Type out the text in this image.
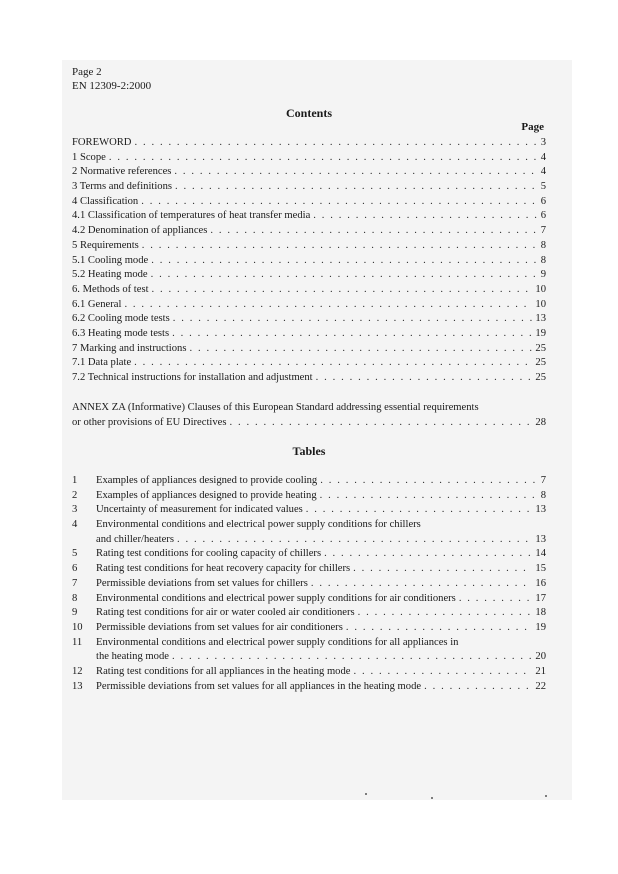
Page 2
EN 12309-2:2000
Contents
Page
FOREWORD . . .	3
1 Scope . . .	4
2 Normative references . . .	4
3 Terms and definitions . . .	5
4 Classification . . .	6
4.1 Classification of temperatures of heat transfer media . . .	6
4.2 Denomination of appliances . . .	7
5 Requirements . . .	8
5.1 Cooling mode . . .	8
5.2 Heating mode . . .	9
6. Methods of test . . .	10
6.1 General . . .	10
6.2 Cooling mode tests . . .	13
6.3 Heating mode tests . . .	19
7 Marking and instructions . . .	25
7.1 Data plate . . .	25
7.2 Technical instructions for installation and adjustment . . .	25
ANNEX ZA (Informative) Clauses of this European Standard addressing essential requirements
or other provisions of EU Directives . . .	28
Tables
1	Examples of appliances designed to provide cooling . . .	7
2	Examples of appliances designed to provide heating . . .	8
3	Uncertainty of measurement for indicated values . . .	13
4	Environmental conditions and electrical power supply conditions for chillers
and chiller/heaters . . .	13
5	Rating test conditions for cooling capacity of chillers . . .	14
6	Rating test conditions for heat recovery capacity for chillers . . .	15
7	Permissible deviations from set values for chillers . . .	16
8	Environmental conditions and electrical power supply conditions for air conditioners . . .	17
9	Rating test conditions for air or water cooled air conditioners . . .	18
10	Permissible deviations from set values for air conditioners . . .	19
11	Environmental conditions and electrical power supply conditions for all appliances in
the heating mode . . .	20
12	Rating test conditions for all appliances in the heating mode . . .	21
13	Permissible deviations from set values for all appliances in the heating mode . . .	22
